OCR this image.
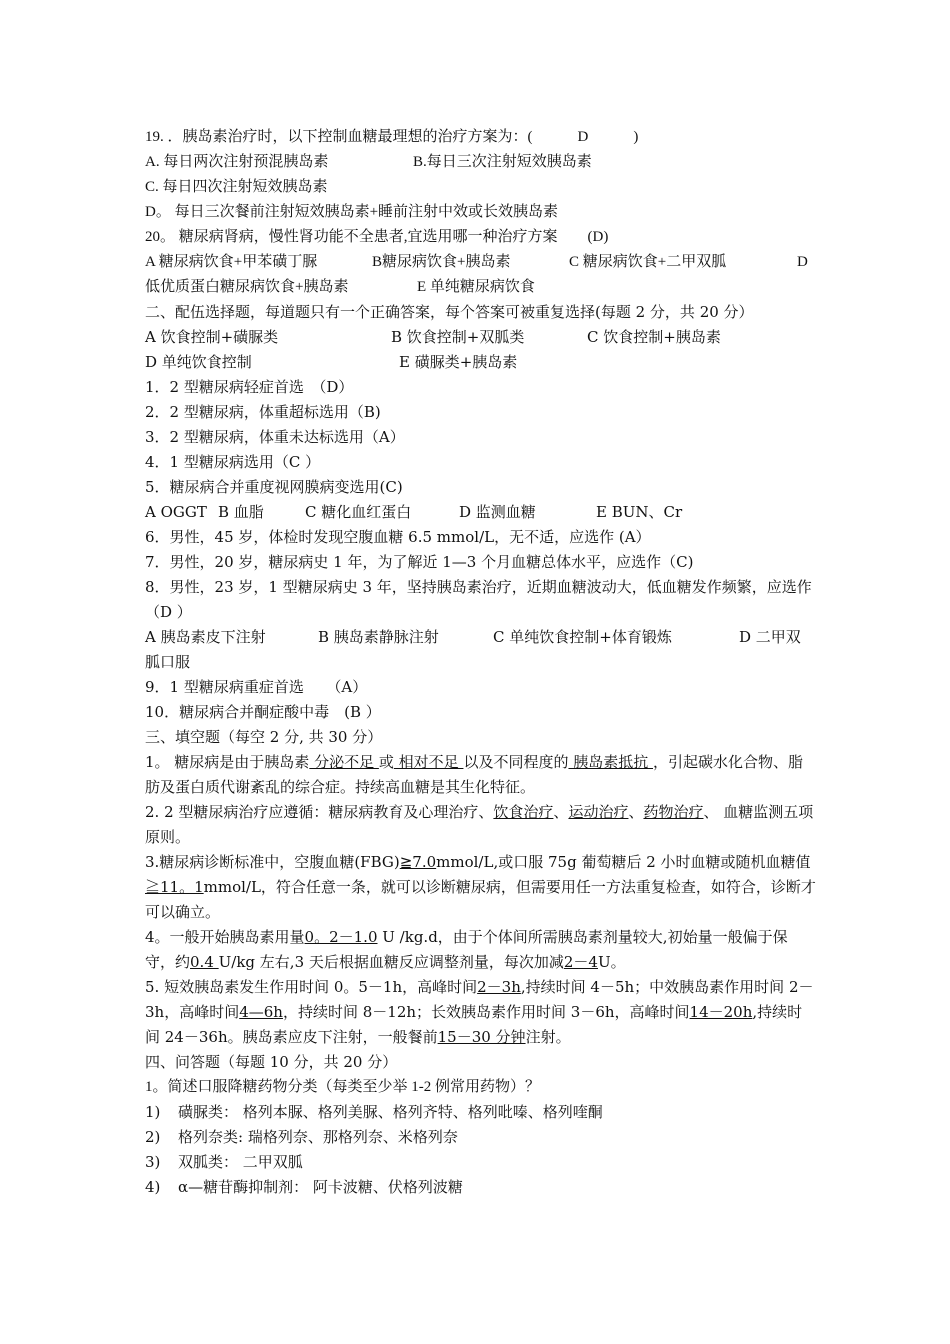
19. ．胰岛素治疗时，以下控制血糖最理想的治疗方案为：(　　　D　　　)
A. 每日两次注射预混胰岛素	B.每日三次注射短效胰岛素
C. 每日四次注射短效胰岛素
D。 每日三次餐前注射短效胰岛素+睡前注射中效或长效胰岛素
20。 糖尿病肾病，慢性肾功能不全患者,宜选用哪一种治疗方案　　(D)
A 糖尿病饮食+甲苯磺丁脲	B糖尿病饮食+胰岛素	C 糖尿病饮食+二甲双胍	D
低优质蛋白糖尿病饮食+胰岛素	E 单纯糖尿病饮食
二、配伍选择题，每道题只有一个正确答案，每个答案可被重复选择(每题 2 分，共 20 分）
A 饮食控制+磺脲类	B 饮食控制+双胍类	C 饮食控制+胰岛素
D 单纯饮食控制	E 磺脲类+胰岛素
1．2 型糖尿病轻症首选　（D）
2．2 型糖尿病，体重超标选用（B)
3．2 型糖尿病，体重未达标选用（A）
4．1 型糖尿病选用（C ）
5．糖尿病合并重度视网膜病变选用(C)
A OGGT B 血脂	C 糖化血红蛋白	D 监测血糖	E BUN、Cr
6．男性，45 岁，体检时发现空腹血糖 6.5 mmol/L，无不适，应选作 (A）
7．男性，20 岁，糖尿病史 1 年，为了解近 1—3 个月血糖总体水平，应选作（C)
8．男性，23 岁，1 型糖尿病史 3 年，坚持胰岛素治疗，近期血糖波动大，低血糖发作频繁，应选作　　（D ）
A 胰岛素皮下注射	B 胰岛素静脉注射	C 单纯饮食控制+体育锻炼	D 二甲双
胍口服
9．1 型糖尿病重症首选　　（A）
10．糖尿病合并酮症酸中毒　(B ）
三、填空题（每空 2 分, 共 30 分）
1。 糖尿病是由于胰岛素 分泌不足 或 相对不足 以及不同程度的 胰岛素抵抗 ，引起碳水化合物、脂肪及蛋白质代谢紊乱的综合症。持续高血糖是其生化特征。
2. 2 型糖尿病治疗应遵循：糖尿病教育及心理治疗、饮食治疗、运动治疗、药物治疗、 血糖监测五项原则。
3.糖尿病诊断标准中，空腹血糖(FBG)≧7.0mmol/L,或口服 75g 葡萄糖后 2 小时血糖或随机血糖值≧11。1mmol/L，符合任意一条，就可以诊断糖尿病，但需要用任一方法重复检查，如符合，诊断才可以确立。
4。一般开始胰岛素用量0。2－1.0 U /kg.d，由于个体间所需胰岛素剂量较大,初始量一般偏于保守，约0.4 U/kg 左右,3 天后根据血糖反应调整剂量，每次加减2－4U。
5. 短效胰岛素发生作用时间 0。5－1h，高峰时间2－3h,持续时间 4－5h；中效胰岛素作用时间 2－3h，高峰时间4—6h，持续时间 8－12h；长效胰岛素作用时间 3－6h，高峰时间14－20h,持续时间 24－36h。胰岛素应皮下注射，一般餐前15－30 分钟注射。
四、问答题（每题 10 分，共 20 分）
1。简述口服降糖药物分类（每类至少举 1-2 例常用药物）？
1) 磺脲类： 格列本脲、格列美脲、格列齐特、格列吡嗪、格列喹酮
2) 格列奈类: 瑞格列奈、那格列奈、米格列奈
3) 双胍类： 二甲双胍
4) α—糖苷酶抑制剂： 阿卡波糖、伏格列波糖
